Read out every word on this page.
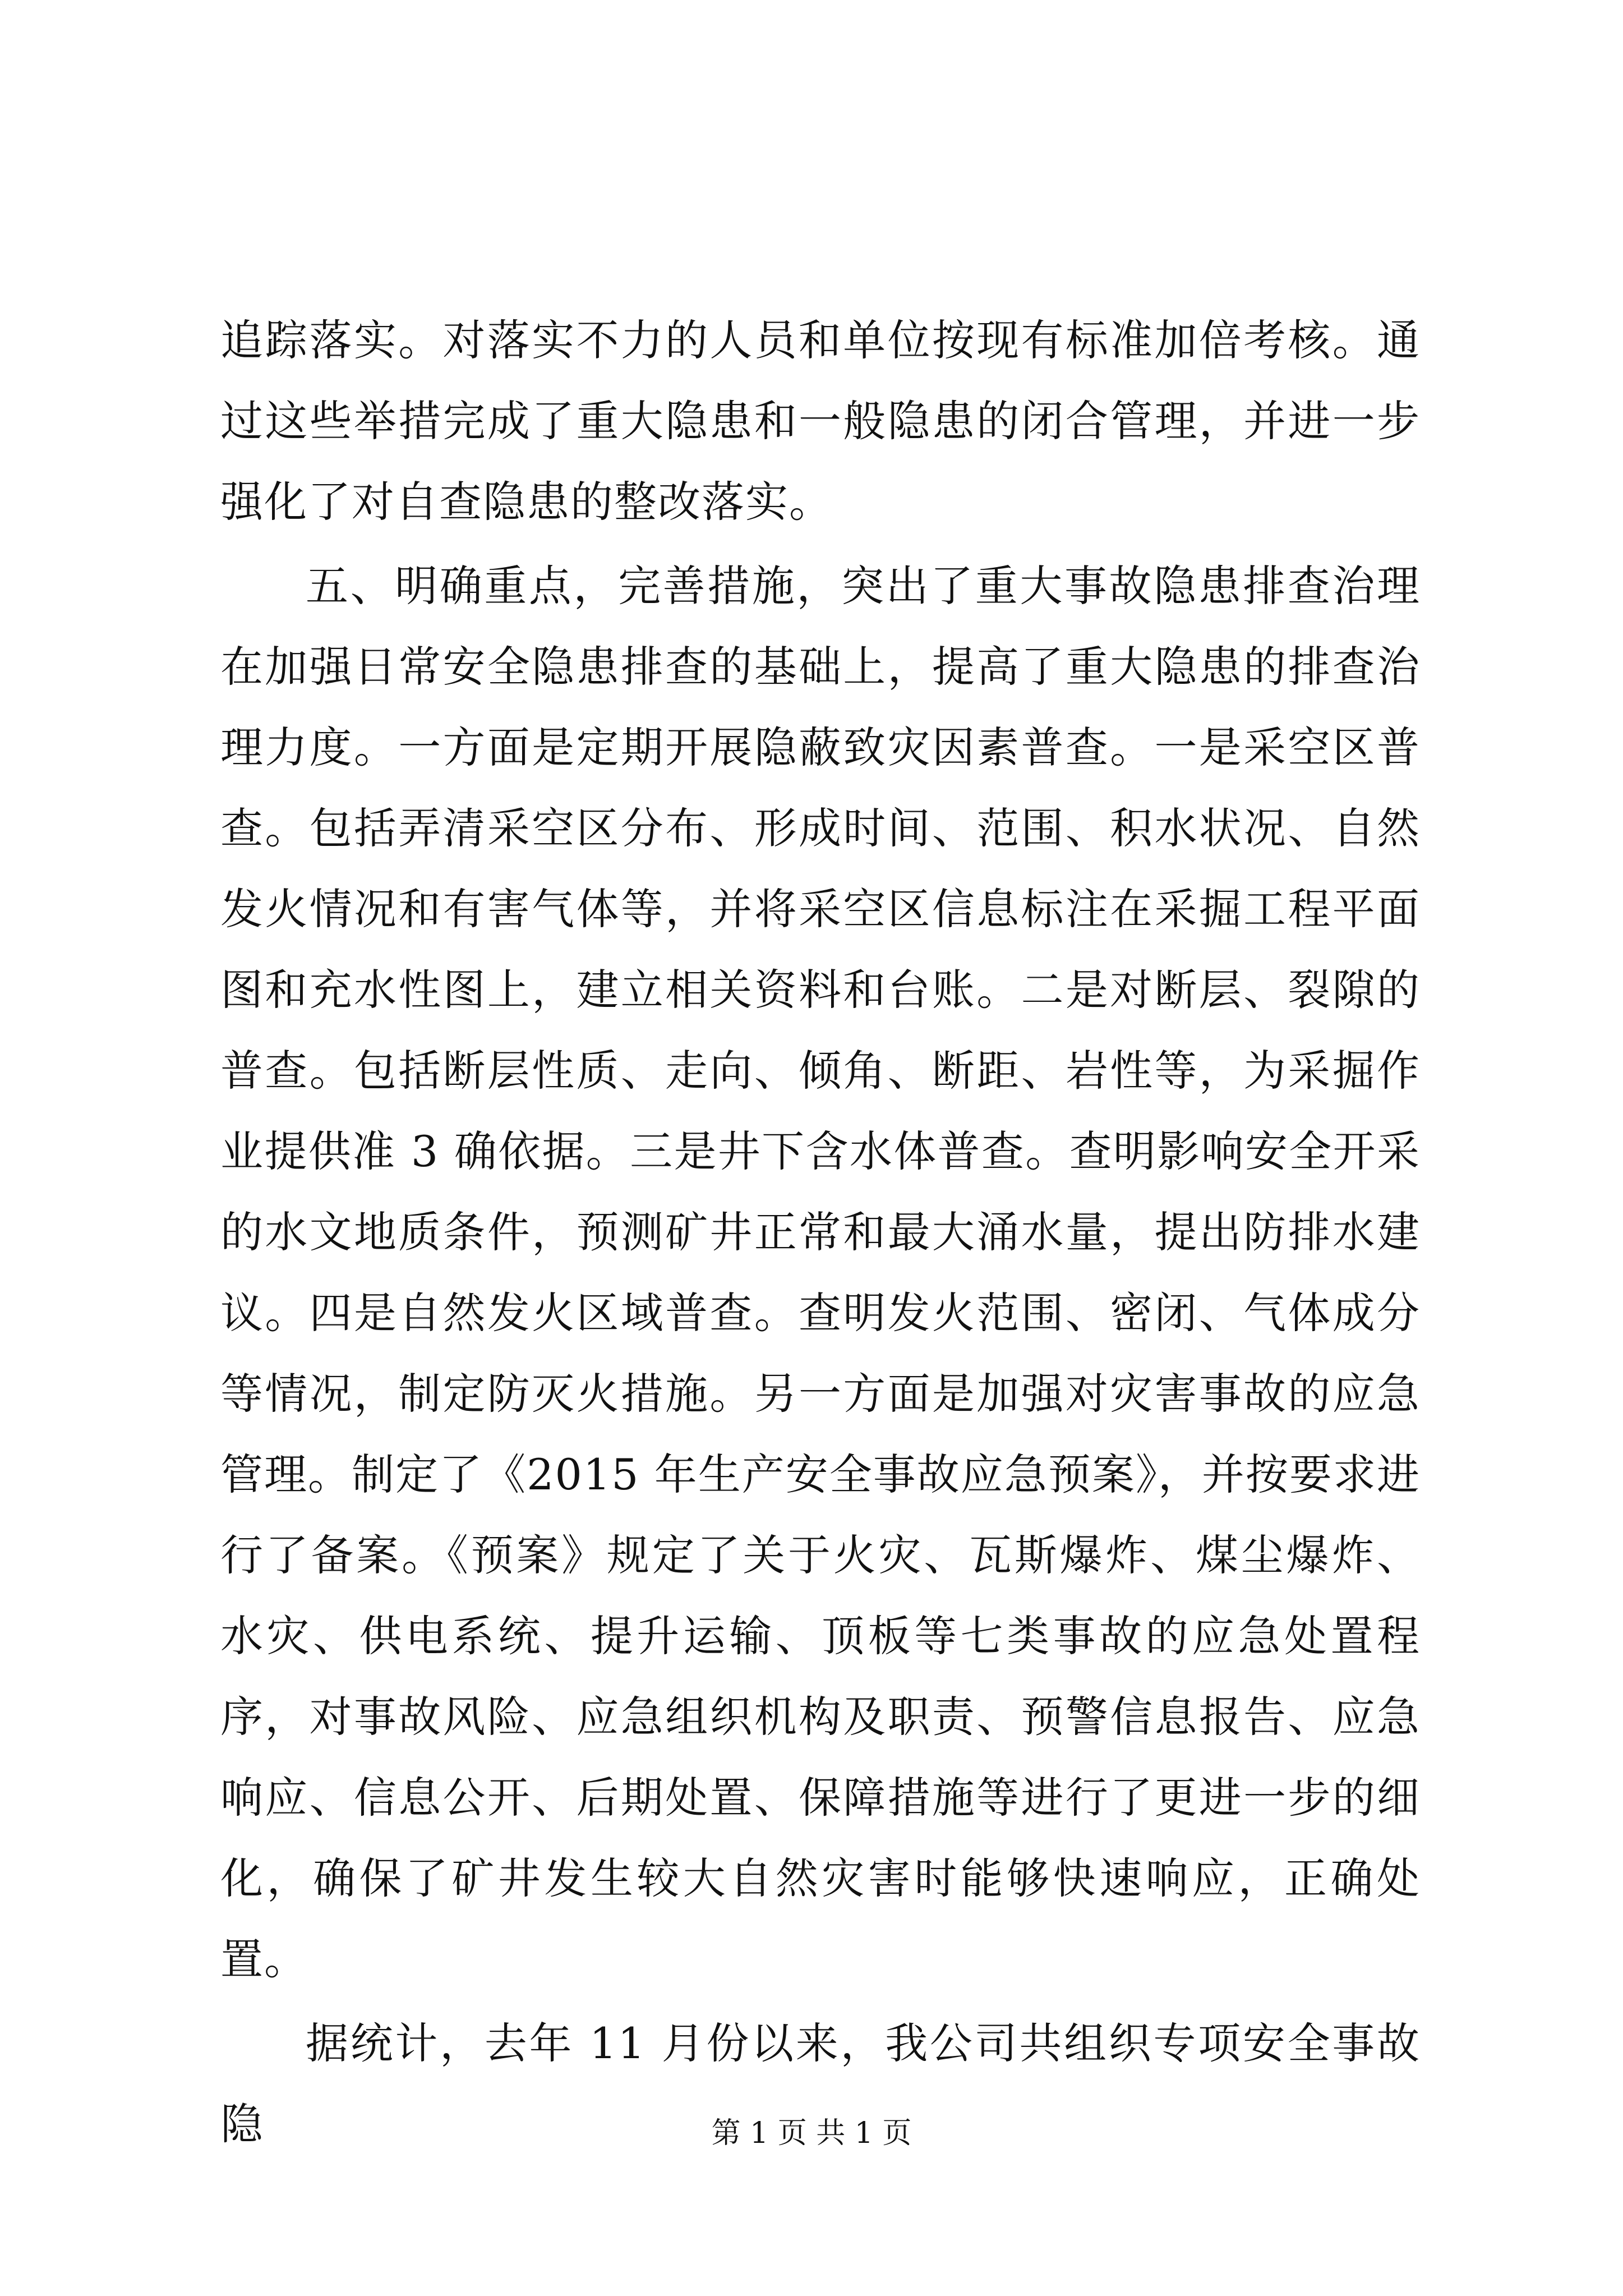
追踪落实。对落实不力的人员和单位按现有标准加倍考核。通过这些举措完成了重大隐患和一般隐患的闭合管理，并进一步强化了对自查隐患的整改落实。

五、明确重点，完善措施，突出了重大事故隐患排查治理在加强日常安全隐患排查的基础上，提高了重大隐患的排查治理力度。一方面是定期开展隐蔽致灾因素普查。一是采空区普查。包括弄清采空区分布、形成时间、范围、积水状况、自然发火情况和有害气体等，并将采空区信息标注在采掘工程平面图和充水性图上，建立相关资料和台账。二是对断层、裂隙的普查。包括断层性质、走向、倾角、断距、岩性等，为采掘作业提供准 3 确依据。三是井下含水体普查。查明影响安全开采的水文地质条件，预测矿井正常和最大涌水量，提出防排水建议。四是自然发火区域普查。查明发火范围、密闭、气体成分等情况，制定防灭火措施。另一方面是加强对灾害事故的应急管理。制定了《2015 年生产安全事故应急预案》，并按要求进行了备案。《预案》规定了关于火灾、瓦斯爆炸、煤尘爆炸、水灾、供电系统、提升运输、顶板等七类事故的应急处置程序，对事故风险、应急组织机构及职责、预警信息报告、应急响应、信息公开、后期处置、保障措施等进行了更进一步的细化，确保了矿井发生较大自然灾害时能够快速响应，正确处置。

据统计，去年 11 月份以来，我公司共组织专项安全事故隐	第 1 页 共 1 页
